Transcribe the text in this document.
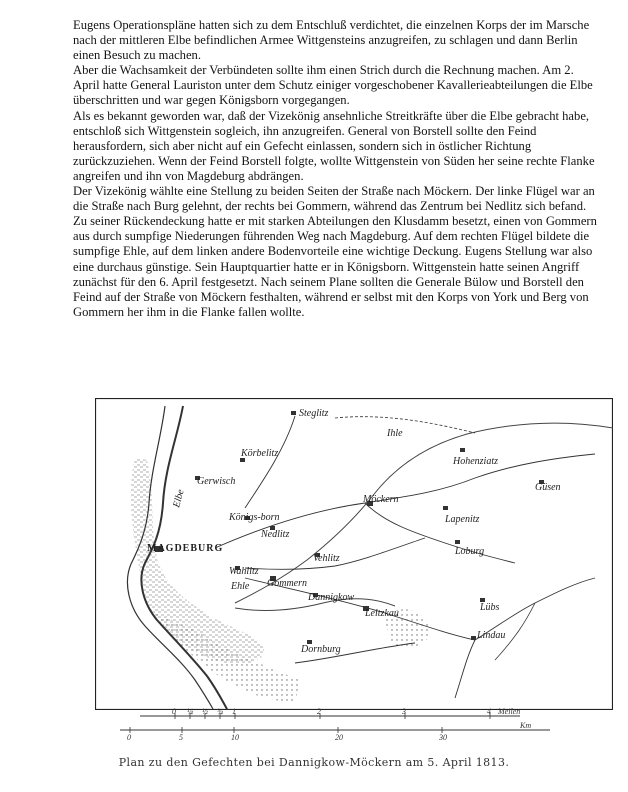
Eugens Operationspläne hatten sich zu dem Entschluß verdichtet, die einzelnen Korps der im Marsche nach der mittleren Elbe befindlichen Armee Wittgensteins anzugreifen, zu schlagen und dann Berlin einen Besuch zu machen.

Aber die Wachsamkeit der Verbündeten sollte ihm einen Strich durch die Rechnung machen. Am 2. April hatte General Lauriston unter dem Schutz einiger vorgeschobener Kavallerieabteilungen die Elbe überschritten und war gegen Königsborn vorgegangen.

Als es bekannt geworden war, daß der Vizekönig ansehnliche Streitkräfte über die Elbe gebracht habe, entschloß sich Wittgenstein sogleich, ihn anzugreifen. General von Borstell sollte den Feind herausfordern, sich aber nicht auf ein Gefecht einlassen, sondern sich in östlicher Richtung zurückzuziehen. Wenn der Feind Borstell folgte, wollte Wittgenstein von Süden her seine rechte Flanke angreifen und ihn von Magdeburg abdrängen.

Der Vizekönig wählte eine Stellung zu beiden Seiten der Straße nach Möckern. Der linke Flügel war an die Straße nach Burg gelehnt, der rechts bei Gommern, während das Zentrum bei Nedlitz sich befand. Zu seiner Rückendeckung hatte er mit starken Abteilungen den Klusdamm besetzt, einen von Gommern aus durch sumpfige Niederungen führenden Weg nach Magdeburg. Auf dem rechten Flügel bildete die sumpfige Ehle, auf dem linken andere Bodenvorteile eine wichtige Deckung. Eugens Stellung war also eine durchaus günstige. Sein Hauptquartier hatte er in Königsborn. Wittgenstein hatte seinen Angriff zunächst für den 6. April festgesetzt. Nach seinem Plane sollten die Generale Bülow und Borstell den Feind auf der Straße von Möckern festhalten, während er selbst mit den Korps von York und Berg von Gommern her ihm in die Flanke fallen wollte.

Steglitz
Ihle
Körbelitz
Hohenziatz
Gerwisch
Güsen
Elbe	Möckern
Königs-born	Lapenitz
Nedlitz
MAGDEBURG	Loburg
Wahlitz
Vehlitz
Gommern
Ehle
Dannigkow
Leitzkau
Lübs
Lindau
Dornburg
0 ¼ ½ ¾ 1	2	3	4
0	5	10	20	30
Meilen
Km
Plan zu den Gefechten bei Dannigkow-Möckern am 5. April 1813.
